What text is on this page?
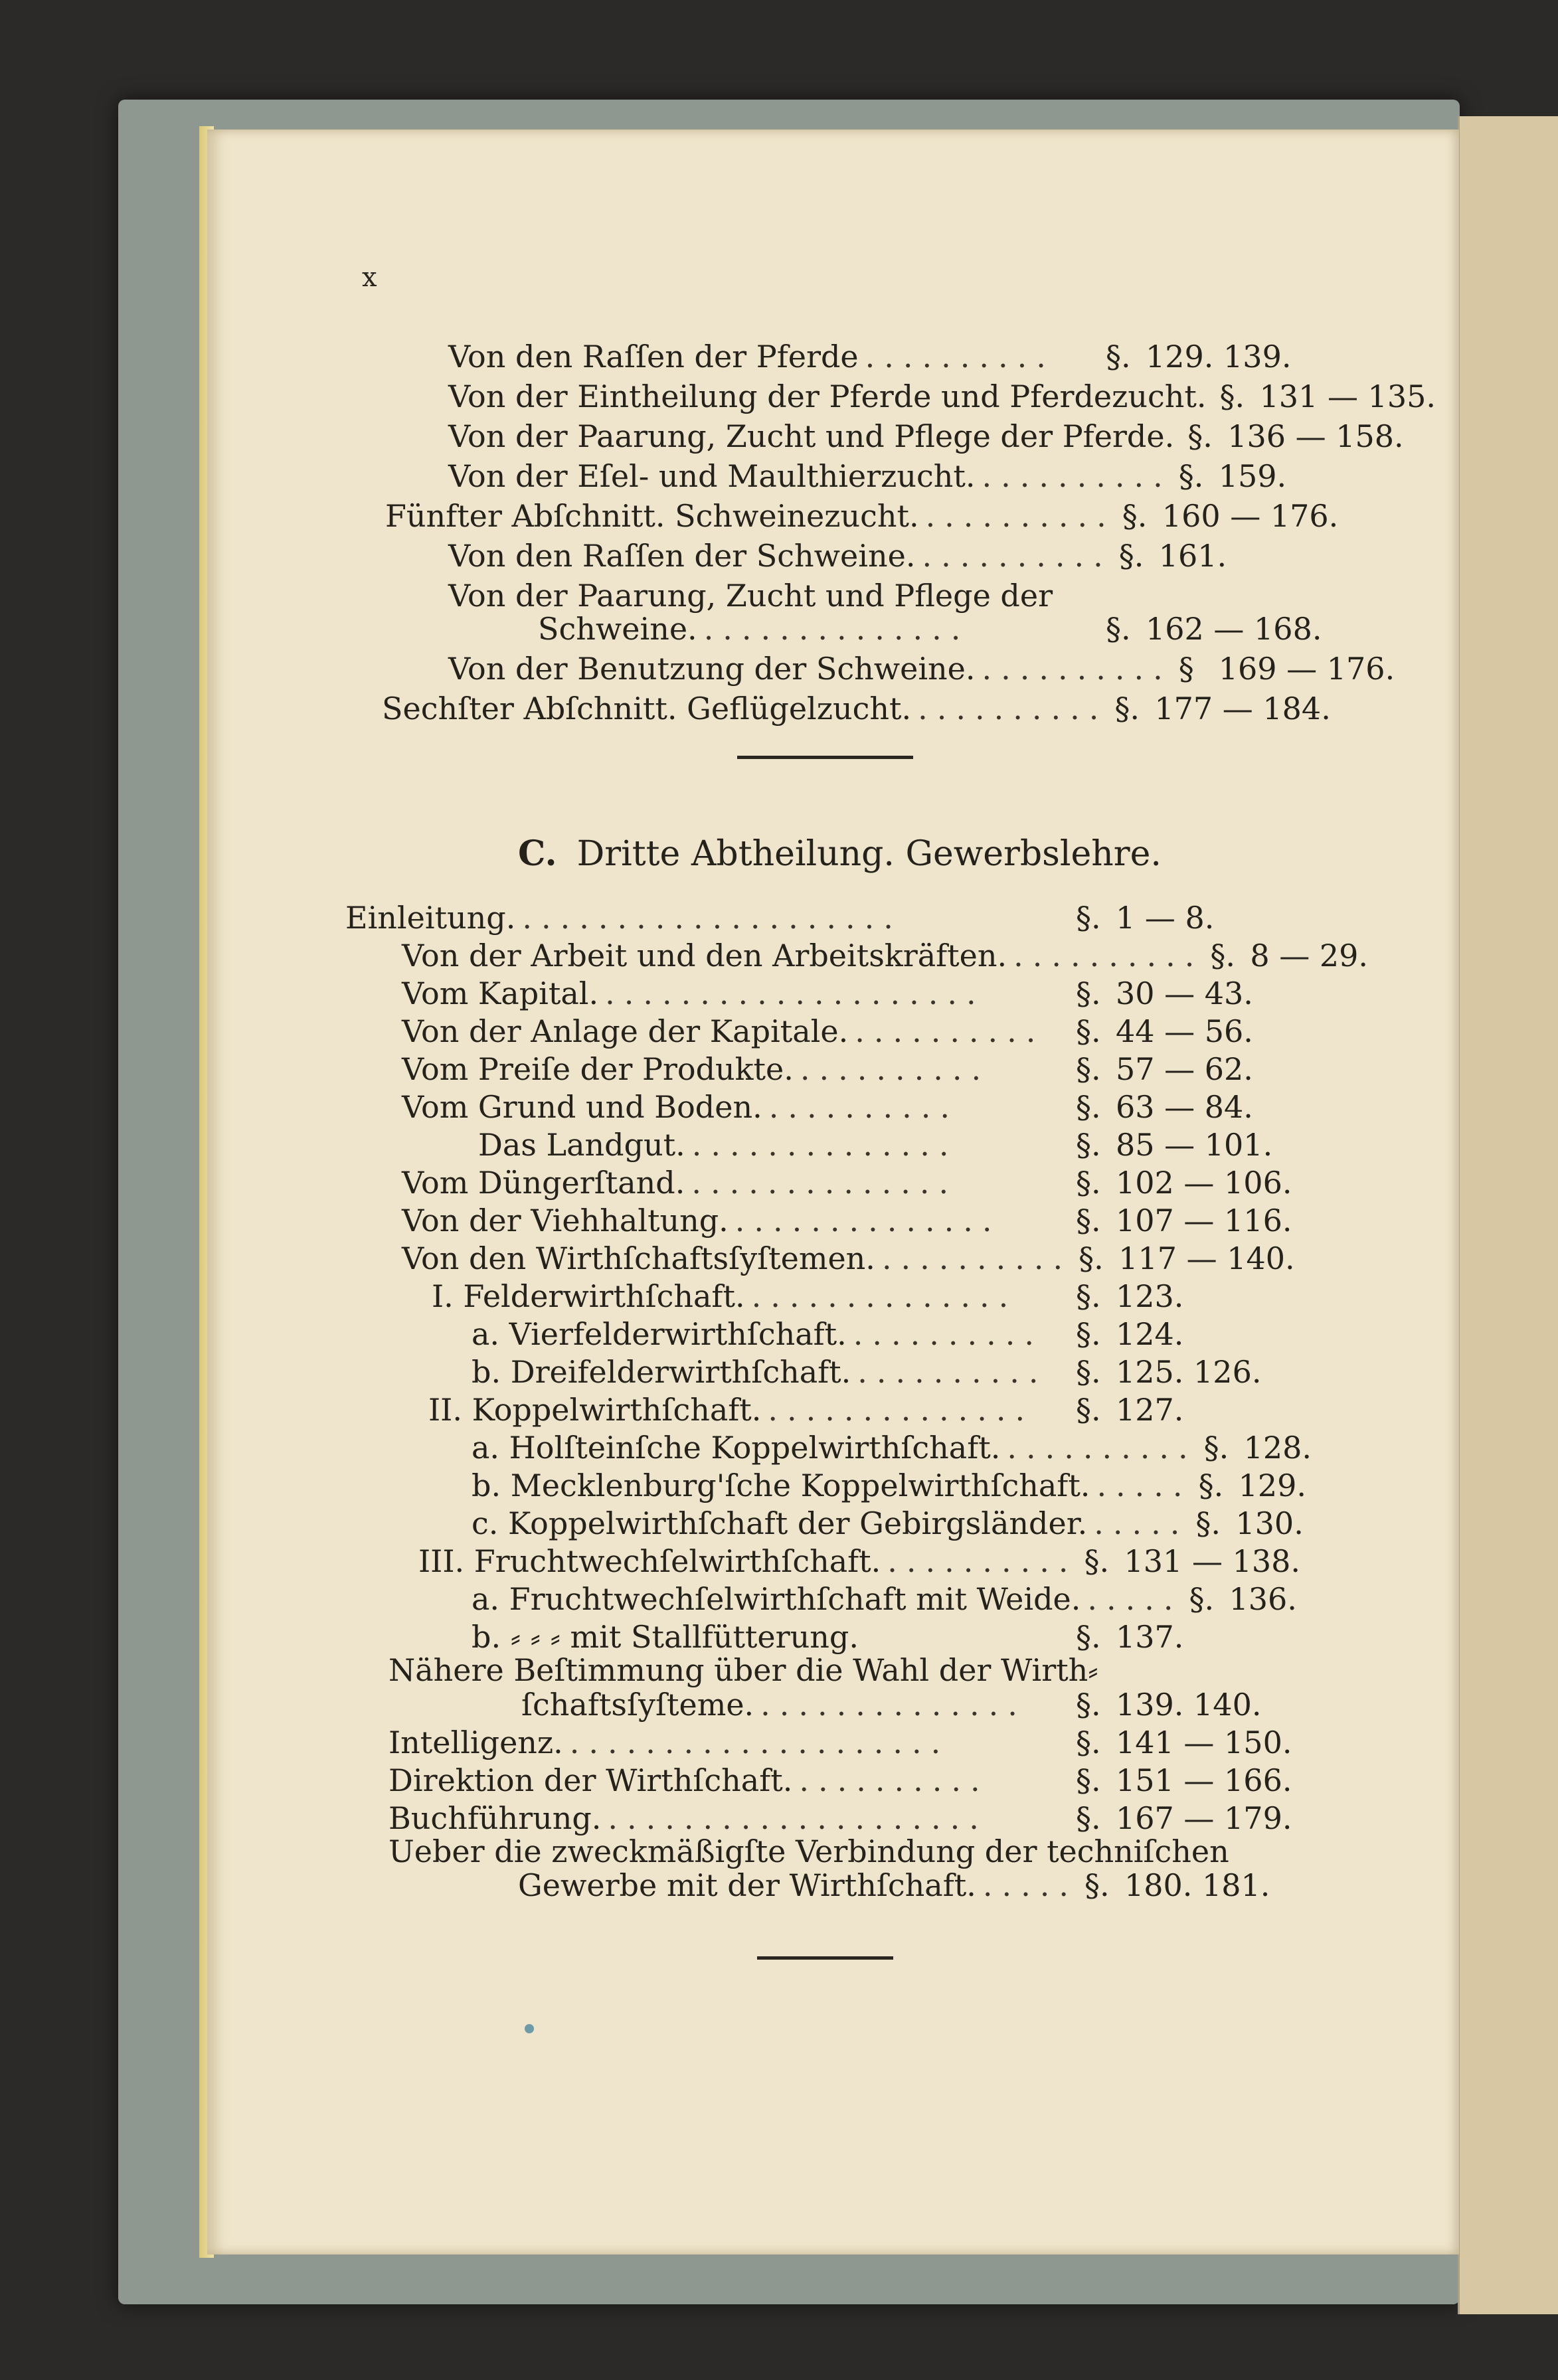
x
Von den Raſſen der Pferde ..........	§. 129. 139.
Von der Eintheilung der Pferde und Pferdezucht. §. 131 — 135.
Von der Paarung, Zucht und Pflege der Pferde. §. 136 — 158.
Von der Eſel- und Maulthierzucht. .......... §. 159.
Fünfter Abſchnitt. Schweinezucht. .......... §. 160 — 176.
Von den Raſſen der Schweine. .......... §. 161.
Von der Paarung, Zucht und Pflege der
Schweine. ..............	§. 162 — 168.
Von der Benutzung der Schweine. .......... § 169 — 176.
Sechſter Abſchnitt. Geflügelzucht. .......... §. 177 — 184.
C. Dritte Abtheilung. Gewerbslehre.
Einleitung. ....................	§. 1 — 8.
Von der Arbeit und den Arbeitskräften. .......... §. 8 — 29.
Vom Kapital. ....................	§. 30 — 43.
Von der Anlage der Kapitale. ..........	§. 44 — 56.
Vom Preiſe der Produkte. ..........	§. 57 — 62.
Vom Grund und Boden. ..........	§. 63 — 84.
Das Landgut. ..............	§. 85 — 101.
Vom Düngerſtand. ..............	§. 102 — 106.
Von der Viehhaltung. ..............	§. 107 — 116.
Von den Wirthſchaftsſyſtemen. .......... §. 117 — 140.
I. Felderwirthſchaft. ..............	§. 123.
a. Vierfelderwirthſchaft. ..........	§. 124.
b. Dreifelderwirthſchaft. .......... §. 125. 126.
II. Koppelwirthſchaft. ..............	§. 127.
a. Holſteinſche Koppelwirthſchaft. .......... §. 128.
b. Mecklenburg'ſche Koppelwirthſchaft. ..... §. 129.
c. Koppelwirthſchaft der Gebirgsländer. ..... §. 130.
III. Fruchtwechſelwirthſchaft. .......... §. 131 — 138.
a. Fruchtwechſelwirthſchaft mit Weide. ..... §. 136.
b. ⸗ ⸗ ⸗ mit Stallfütterung.	§. 137.
Nähere Beſtimmung über die Wahl der Wirth⸗
ſchaftsſyſteme. ..............	§. 139. 140.
Intelligenz. ....................	§. 141 — 150.
Direktion der Wirthſchaft. ..........	§. 151 — 166.
Buchführung. ....................	§. 167 — 179.
Ueber die zweckmäßigſte Verbindung der techniſchen
Gewerbe mit der Wirthſchaft. ..... §. 180. 181.
